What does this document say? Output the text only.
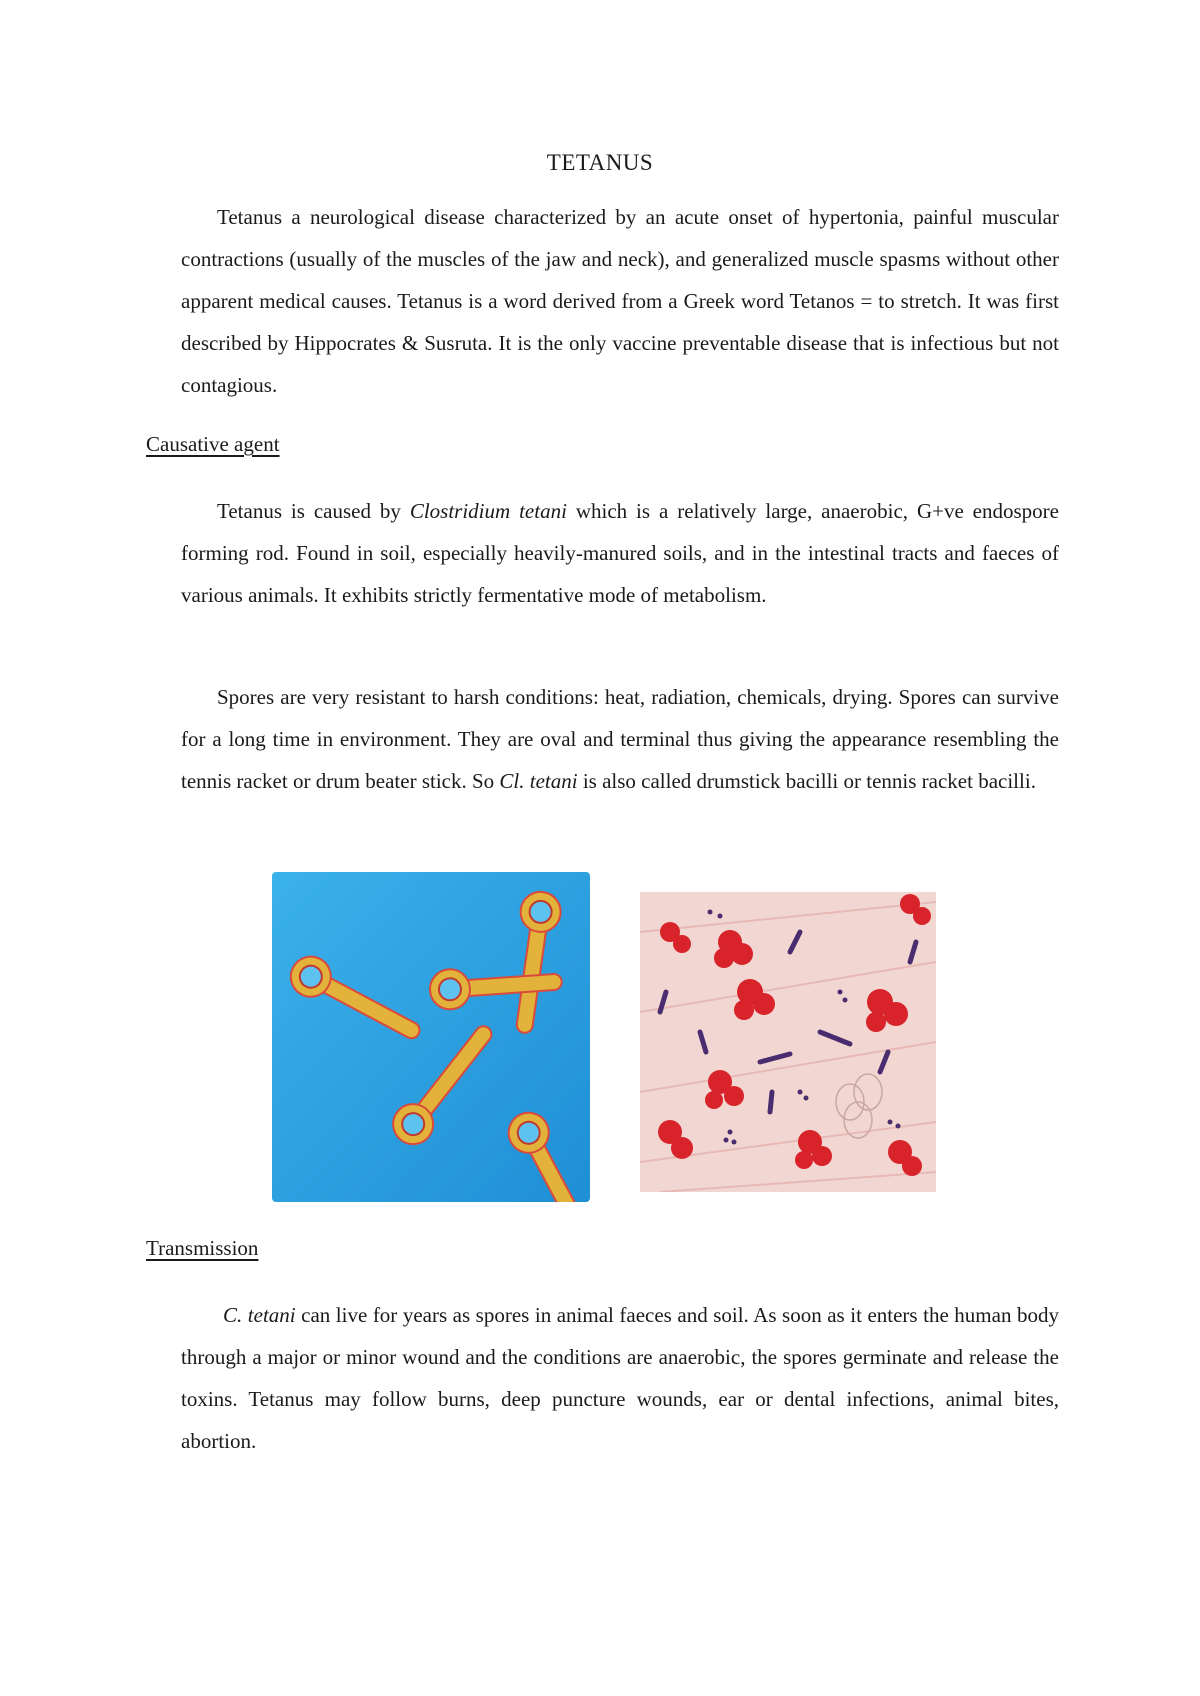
TETANUS

Tetanus a neurological disease characterized by an acute onset of hypertonia, painful muscular contractions (usually of the muscles of the jaw and neck), and generalized muscle spasms without other apparent medical causes. Tetanus is a word derived from a Greek word Tetanos = to stretch. It was first described by Hippocrates & Susruta. It is the only vaccine preventable disease that is infectious but not contagious.

Causative agent

Tetanus is caused by Clostridium tetani which is a relatively large, anaerobic, G+ve endospore forming rod. Found in soil, especially heavily-manured soils, and in the intestinal tracts and faeces of various animals. It exhibits strictly fermentative mode of metabolism.

Spores are very resistant to harsh conditions: heat, radiation, chemicals, drying. Spores can survive for a long time in environment. They are oval and terminal thus giving the appearance resembling the tennis racket or drum beater stick. So Cl. tetani is also called drumstick bacilli or tennis racket bacilli.

Transmission

C. tetani can live for years as spores in animal faeces and soil. As soon as it enters the human body through a major or minor wound and the conditions are anaerobic, the spores germinate and release the toxins. Tetanus may follow burns, deep puncture wounds, ear or dental infections, animal bites, abortion.
